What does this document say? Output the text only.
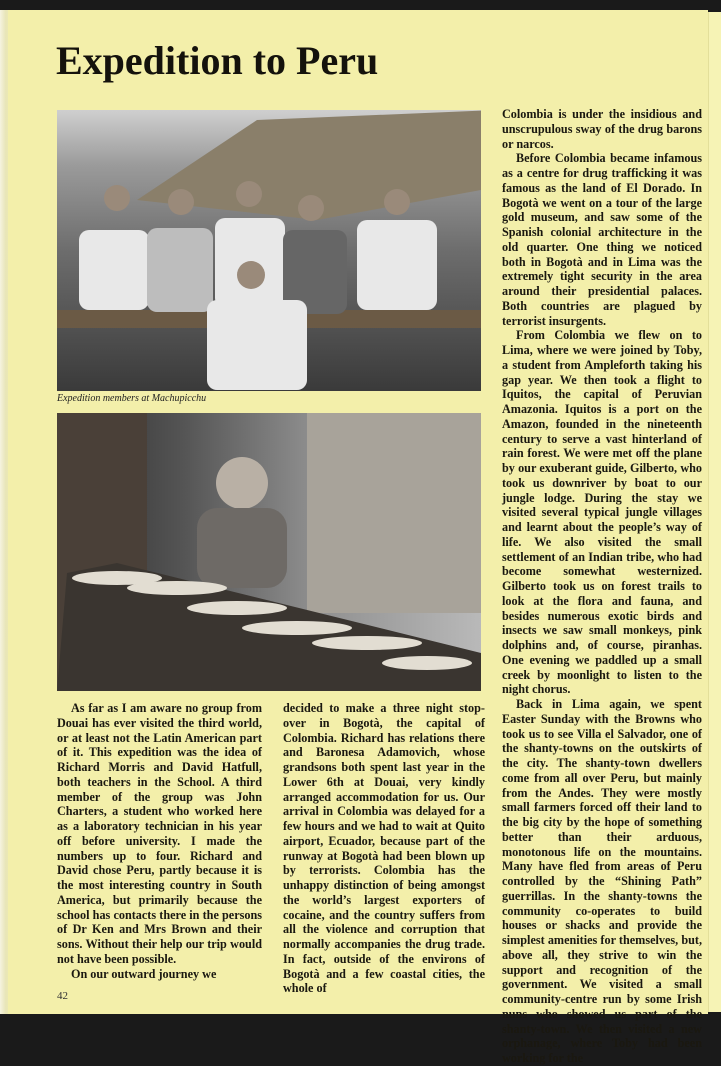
Expedition to Peru
Expedition members at Machupicchu

As far as I am aware no group from Douai has ever visited the third world, or at least not the Latin American part of it. This expedition was the idea of Richard Morris and David Hatfull, both teachers in the School. A third member of the group was John Charters, a student who worked here as a laboratory technician in his year off before university. I made the numbers up to four. Richard and David chose Peru, partly because it is the most interesting country in South America, but primarily because the school has contacts there in the persons of Dr Ken and Mrs Brown and their sons. Without their help our trip would not have been possible.

On our outward journey we

decided to make a three night stop-over in Bogotà, the capital of Colombia. Richard has relations there and Baronesa Adamovich, whose grandsons both spent last year in the Lower 6th at Douai, very kindly arranged accommodation for us. Our arrival in Colombia was delayed for a few hours and we had to wait at Quito airport, Ecuador, because part of the runway at Bogotà had been blown up by terrorists. Colombia has the unhappy distinction of being amongst the world’s largest exporters of cocaine, and the country suffers from all the violence and corruption that normally accompanies the drug trade. In fact, outside of the environs of Bogotà and a few coastal cities, the whole of

Colombia is under the insidious and unscrupulous sway of the drug barons or narcos.

Before Colombia became infamous as a centre for drug trafficking it was famous as the land of El Dorado. In Bogotà we went on a tour of the large gold museum, and saw some of the Spanish colonial architecture in the old quarter. One thing we noticed both in Bogotà and in Lima was the extremely tight security in the area around their presidential palaces. Both countries are plagued by terrorist insurgents.

From Colombia we flew on to Lima, where we were joined by Toby, a student from Ampleforth taking his gap year. We then took a flight to Iquitos, the capital of Peruvian Amazonia. Iquitos is a port on the Amazon, founded in the nineteenth century to serve a vast hinterland of rain forest. We were met off the plane by our exuberant guide, Gilberto, who took us downriver by boat to our jungle lodge. During the stay we visited several typical jungle villages and learnt about the people’s way of life. We also visited the small settlement of an Indian tribe, who had become somewhat westernized. Gilberto took us on forest trails to look at the flora and fauna, and besides numerous exotic birds and insects we saw small monkeys, pink dolphins and, of course, piranhas. One evening we paddled up a small creek by moonlight to listen to the night chorus.

Back in Lima again, we spent Easter Sunday with the Browns who took us to see Villa el Salvador, one of the shanty-towns on the outskirts of the city. The shanty-town dwellers come from all over Peru, but mainly from the Andes. They were mostly small farmers forced off their land to the big city by the hope of something better than their arduous, monotonous life on the mountains. Many have fled from areas of Peru controlled by the “Shining Path” guerrillas. In the shanty-towns the community co-operates to build houses or shacks and provide the simplest amenities for themselves, but, above all, they strive to win the support and recognition of the government. We visited a small community-centre run by some Irish nuns who showed us part of the shanty-town. We then visited a new orphanage, where Toby had been working for the

42
